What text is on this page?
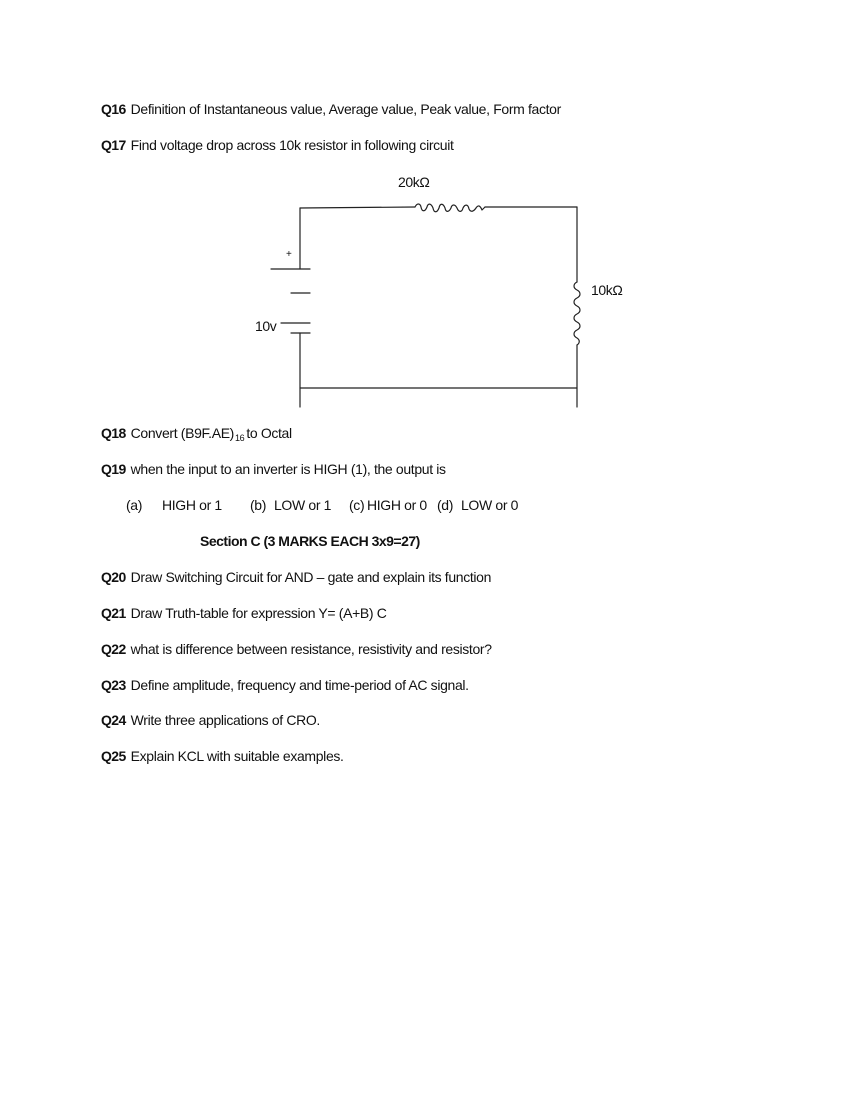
Q16 Definition of Instantaneous value, Average value, Peak value, Form factor
Q17 Find voltage drop across 10k resistor in following circuit
20kΩ
10kΩ
10v
+
Q18 Convert $(B9F.AE)_{16}$ to Octal
Q19 when the input to an inverter is HIGH (1), the output is
(a) HIGH or 1 (b) LOW or 1 (c) HIGH or 0 (d) LOW or 0
Section C (3 MARKS EACH 3x9=27)
Q20 Draw Switching Circuit for AND – gate and explain its function
Q21 Draw Truth-table for expression Y= (A+B) C
Q22 what is difference between resistance, resistivity and resistor?
Q23 Define amplitude, frequency and time-period of AC signal.
Q24 Write three applications of CRO.
Q25 Explain KCL with suitable examples.
